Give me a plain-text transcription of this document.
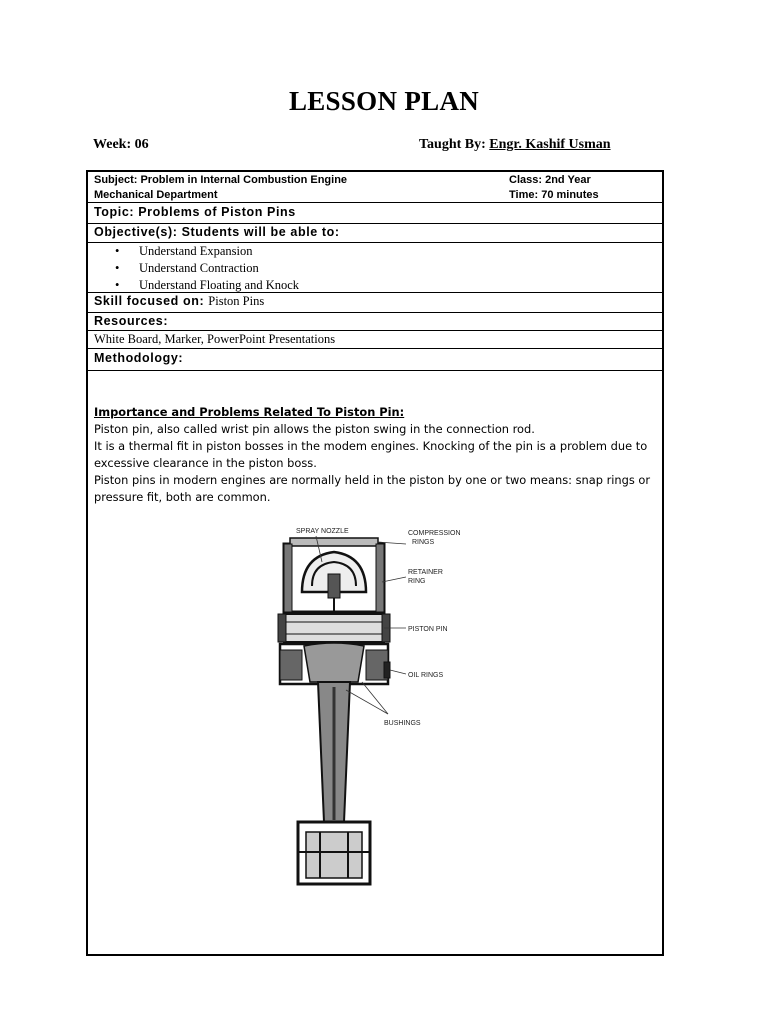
LESSON PLAN
Week: 06	Taught By: Engr. Kashif Usman
Subject: Problem in Internal Combustion Engine
Mechanical Department
Class: 2nd Year
Time: 70 minutes
Topic: Problems of Piston Pins
Objective(s): Students will be able to:
• Understand Expansion
• Understand Contraction
• Understand Floating and Knock
Skill focused on: Piston Pins
Resources:
White Board, Marker, PowerPoint Presentations
Methodology:
Importance and Problems Related To Piston Pin:
Piston pin, also called wrist pin allows the piston swing in the connection rod.
It is a thermal fit in piston bosses in the modem engines. Knocking of the pin is a problem due to excessive clearance in the piston boss.
Piston pins in modern engines are normally held in the piston by one or two means: snap rings or pressure fit, both are common.
SPRAY NOZZLE	COMPRESSION
RINGS
RETAINER
RING
PISTON PIN
OIL RINGS
BUSHINGS
